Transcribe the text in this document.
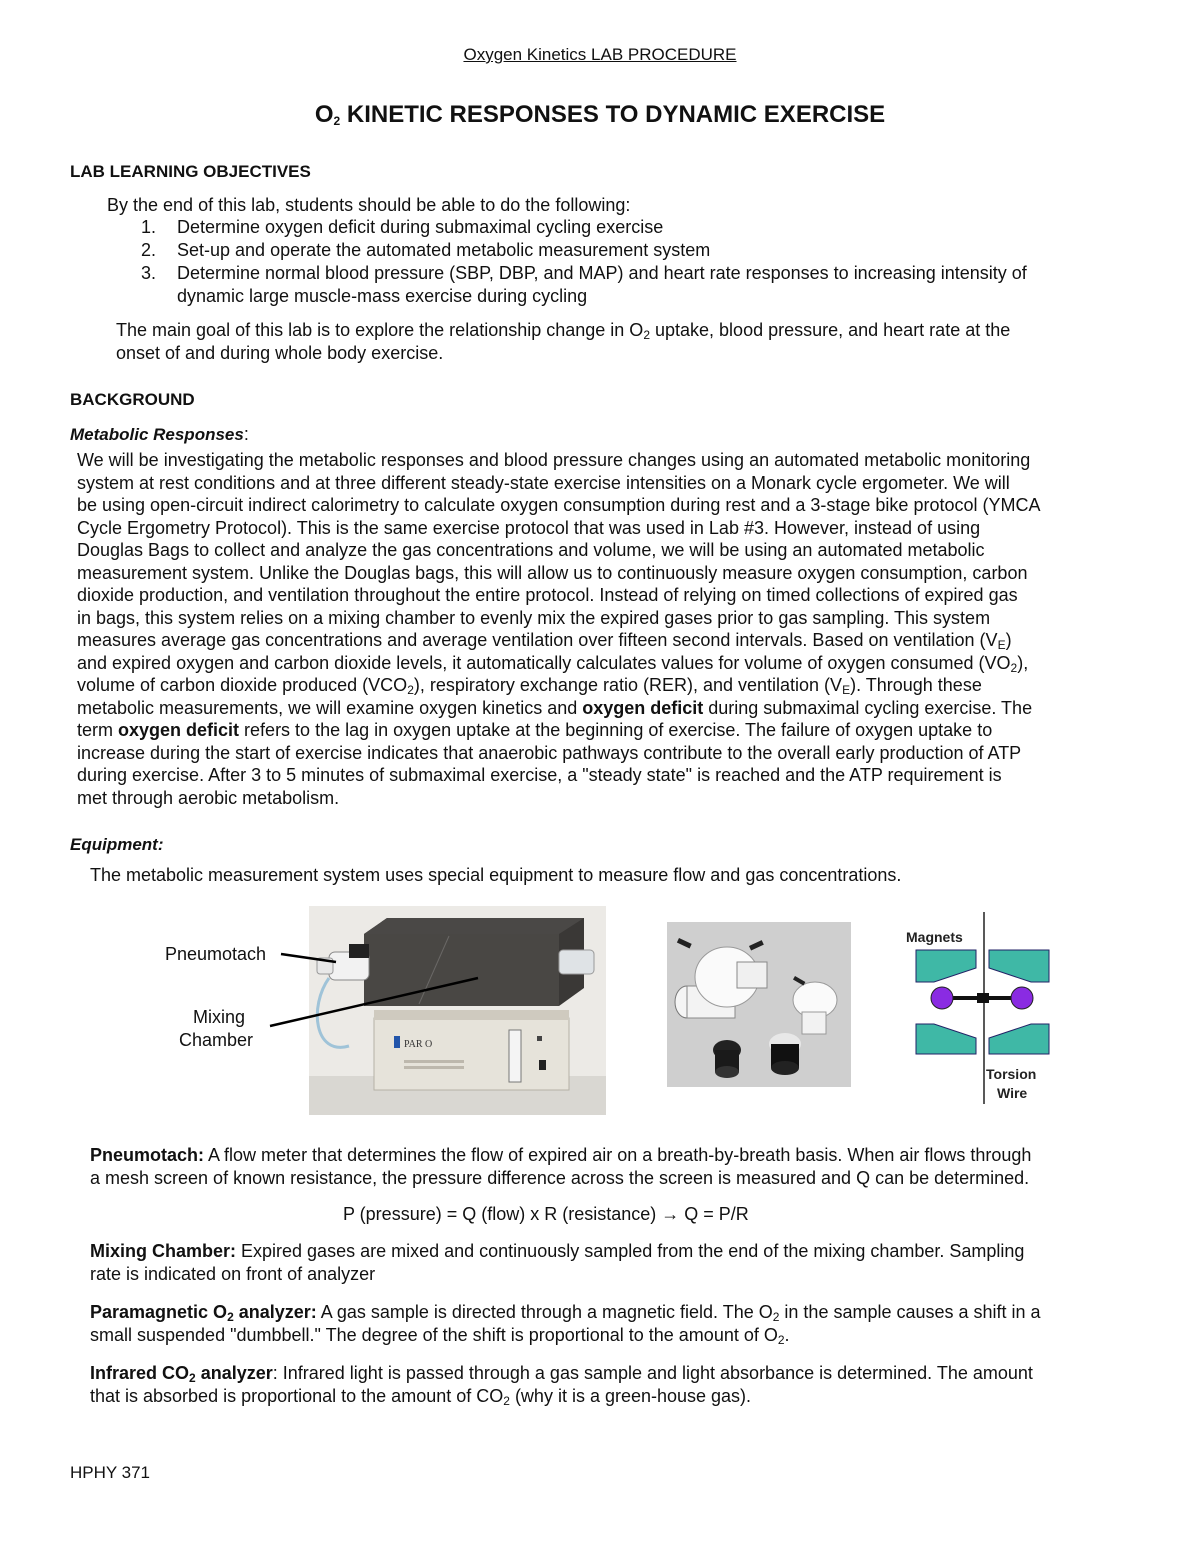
Oxygen Kinetics LAB PROCEDURE
$O_2$ KINETIC RESPONSES TO DYNAMIC EXERCISE
LAB LEARNING OBJECTIVES
By the end of this lab, students should be able to do the following:
1. Determine oxygen deficit during submaximal cycling exercise
2. Set-up and operate the automated metabolic measurement system
3. Determine normal blood pressure (SBP, DBP, and MAP) and heart rate responses to increasing intensity of
dynamic large muscle-mass exercise during cycling
The main goal of this lab is to explore the relationship change in $O_2$ uptake, blood pressure, and heart rate at the
onset of and during whole body exercise.
BACKGROUND
Metabolic Responses:
We will be investigating the metabolic responses and blood pressure changes using an automated metabolic monitoring
system at rest conditions and at three different steady-state exercise intensities on a Monark cycle ergometer. We will
be using open-circuit indirect calorimetry to calculate oxygen consumption during rest and a 3-stage bike protocol (YMCA
Cycle Ergometry Protocol). This is the same exercise protocol that was used in Lab #3. However, instead of using
Douglas Bags to collect and analyze the gas concentrations and volume, we will be using an automated metabolic
measurement system. Unlike the Douglas bags, this will allow us to continuously measure oxygen consumption, carbon
dioxide production, and ventilation throughout the entire protocol. Instead of relying on timed collections of expired gas
in bags, this system relies on a mixing chamber to evenly mix the expired gases prior to gas sampling. This system
measures average gas concentrations and average ventilation over fifteen second intervals. Based on ventilation $(V_E)$
and expired oxygen and carbon dioxide levels, it automatically calculates values for volume of oxygen consumed $(VO_2)$,
volume of carbon dioxide produced $(VCO_2)$, respiratory exchange ratio (RER), and ventilation $(V_E)$. Through these
metabolic measurements, we will examine oxygen kinetics and oxygen deficit during submaximal cycling exercise. The
term oxygen deficit refers to the lag in oxygen uptake at the beginning of exercise. The failure of oxygen uptake to
increase during the start of exercise indicates that anaerobic pathways contribute to the overall early production of ATP
during exercise. After 3 to 5 minutes of submaximal exercise, a "steady state" is reached and the ATP requirement is
met through aerobic metabolism.
Equipment:
The metabolic measurement system uses special equipment to measure flow and gas concentrations.
PAR O
Pneumotach
Mixing
Chamber
Magnets
Torsion
Wire
Pneumotach: A flow meter that determines the flow of expired air on a breath-by-breath basis. When air flows through
a mesh screen of known resistance, the pressure difference across the screen is measured and Q can be determined.
P (pressure) = Q (flow) x R (resistance) → Q = P/R
Mixing Chamber: Expired gases are mixed and continuously sampled from the end of the mixing chamber. Sampling
rate is indicated on front of analyzer
Paramagnetic $O_2$ analyzer: A gas sample is directed through a magnetic field. The $O_2$ in the sample causes a shift in a
small suspended "dumbbell." The degree of the shift is proportional to the amount of $O_2$.
Infrared $CO_2$ analyzer: Infrared light is passed through a gas sample and light absorbance is determined. The amount
that is absorbed is proportional to the amount of $CO_2$ (why it is a green-house gas).
HPHY 371
